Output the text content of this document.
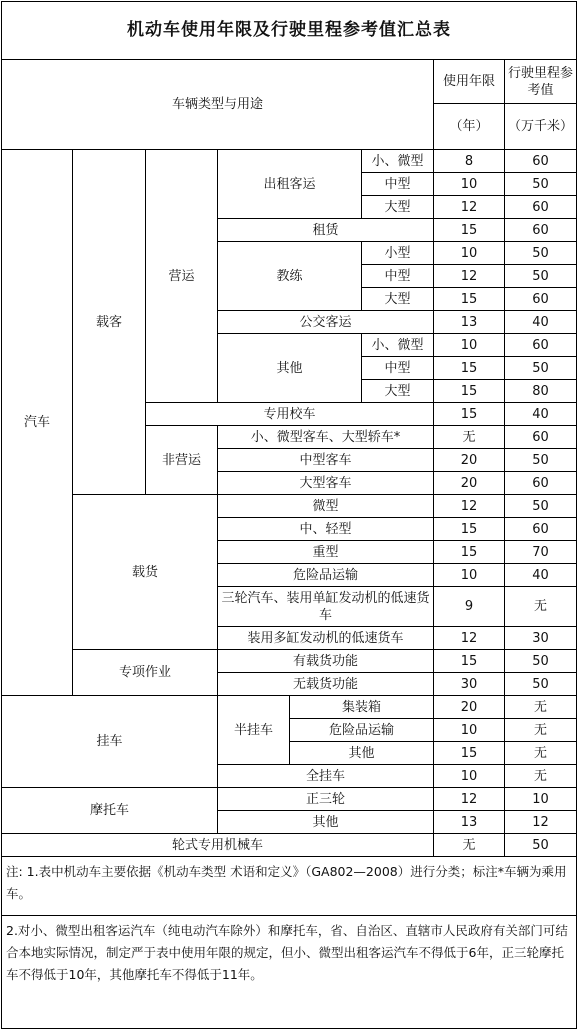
机动车使用年限及行驶里程参考值汇总表							
车辆类型与用途						使用年限	行驶里程参考值
						（年）	（万千米）
汽车	载客	营运	出租客运		小、微型	8	60
					中型	10	50
					大型	12	60
			租赁			15	60
			教练		小型	10	50
					中型	12	50
					大型	15	60
			公交客运			13	40
			其他		小、微型	10	60
					中型	15	50
					大型	15	80
		专用校车				15	40
		非营运	小、微型客车、大型轿车*			无	60
			中型客车			20	50
			大型客车			20	60
	载货		微型			12	50
			中、轻型			15	60
			重型			15	70
			危险品运输			10	40
			三轮汽车、装用单缸发动机的低速货车			9	无
			装用多缸发动机的低速货车			12	30
	专项作业		有载货功能			15	50
			无载货功能			30	50
挂车			半挂车	集装箱		20	无
				危险品运输		10	无
				其他		15	无
			全挂车			10	无
摩托车			正三轮			12	10
			其他			13	12
轮式专用机械车						无	50
注: 1.表中机动车主要依据《机动车类型 术语和定义》（GA802—2008）进行分类；标注*车辆为乘用车。							
2.对小、微型出租客运汽车（纯电动汽车除外）和摩托车，省、自治区、直辖市人民政府有关部门可结合本地实际情况，制定严于表中使用年限的规定，但小、微型出租客运汽车不得低于6年，正三轮摩托车不得低于10年，其他摩托车不得低于11年。							
